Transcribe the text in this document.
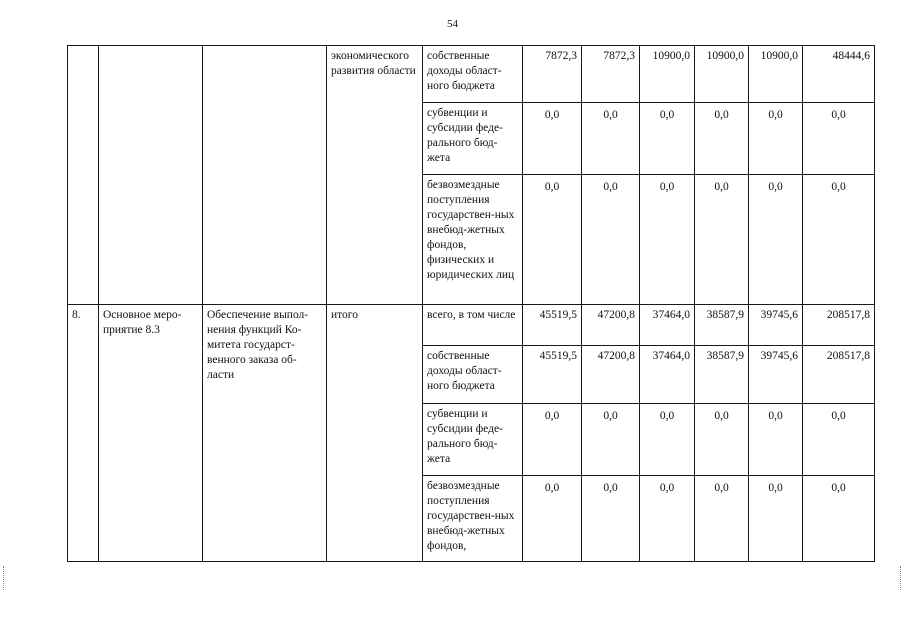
54
			экономического развития области	собственные доходы област-ного бюджета	7872,3	7872,3	10900,0	10900,0	10900,0	48444,6
				субвенции и субсидии феде-рального бюд-жета	0,0	0,0	0,0	0,0	0,0	0,0
				безвозмездные поступления государствен-ных внебюд-жетных фондов, физических и юридических лиц	0,0	0,0	0,0	0,0	0,0	0,0
8.	Основное меро-приятие 8.3	Обеспечение выпол-нения функций Ко-митета государст-венного заказа об-ласти	итого	всего, в том числе	45519,5	47200,8	37464,0	38587,9	39745,6	208517,8
				собственные доходы област-ного бюджета	45519,5	47200,8	37464,0	38587,9	39745,6	208517,8
				субвенции и субсидии феде-рального бюд-жета	0,0	0,0	0,0	0,0	0,0	0,0
				безвозмездные поступления государствен-ных внебюд-жетных фондов,	0,0	0,0	0,0	0,0	0,0	0,0
